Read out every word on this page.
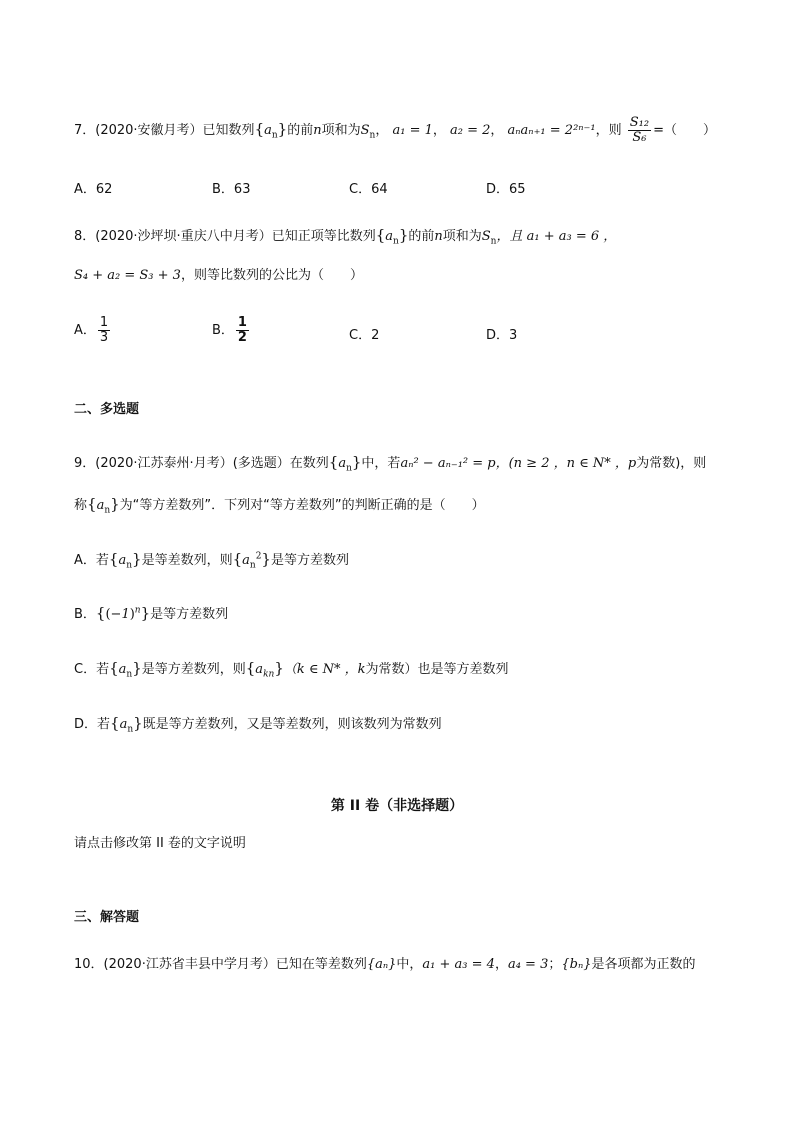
7．(2020·安徽月考）已知数列$\{a_n\}$的前n项和为$S_n$， a₁ = 1， a₂ = 2， aₙaₙ₊₁ = 2²ⁿ⁻¹，则 $\frac{\text{S₁₂}}{\text{S₆}}$ =（　　）
A．62	B．63	C．64	D．65
8．(2020·沙坪坝·重庆八中月考）已知正项等比数列$\{a_n\}$的前n项和为$S_n$，且 a₁ + a₃ = 6 ，
S₄ + a₂ = S₃ + 3，则等比数列的公比为（　　）
A． $\frac{1}{3}$	B． $\frac{1}{2}$	C．2	D．3
二、多选题
9．(2020·江苏泰州·月考）(多选题）在数列$\{a_n\}$中，若aₙ² − aₙ₋₁² = p，(n ≥ 2 ，n ∈ N* ，p为常数)，则
称$\{a_n\}$为“等方差数列”．下列对“等方差数列”的判断正确的是（　　）
A．若$\{a_n\}$是等差数列，则$\{a_n^2\}$是等方差数列
B．$\{(-1)^n\}$是等方差数列
C．若$\{a_n\}$是等方差数列，则$\{a_{kn}\}(k$ ∈ N* ，k为常数）也是等方差数列
D．若$\{a_n\}$既是等方差数列，又是等差数列，则该数列为常数列
第 II 卷（非选择题）
请点击修改第 II 卷的文字说明
三、解答题
10．(2020·江苏省丰县中学月考）已知在等差数列{aₙ}中，a₁ + a₃ = 4，a₄ = 3；{bₙ}是各项都为正数的
